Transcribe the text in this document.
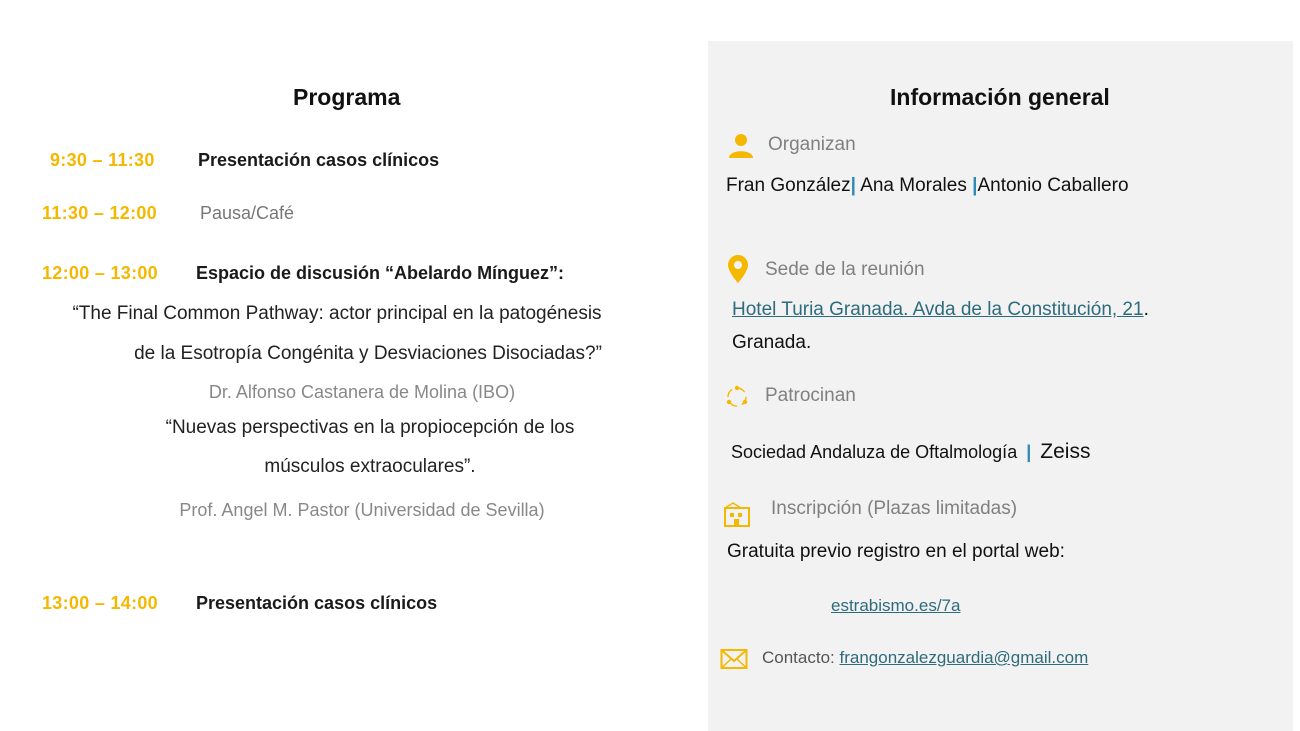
Programa
9:30 – 11:30 Presentación casos clínicos
11:30 – 12:00 Pausa/Café
12:00 – 13:00 Espacio de discusión “Abelardo Mínguez”:
“The Final Common Pathway: actor principal en la patogénesis
de la Esotropía Congénita y Desviaciones Disociadas?”
Dr. Alfonso Castanera de Molina (IBO)
“Nuevas perspectivas en la propiocepción de los
músculos extraoculares”.
Prof. Angel M. Pastor (Universidad de Sevilla)
13:00 – 14:00 Presentación casos clínicos
Información general
Organizan
Fran González| Ana Morales |Antonio Caballero
Sede de la reunión
Hotel Turia Granada. Avda de la Constitución, 21.
Granada.
Patrocinan
Sociedad Andaluza de Oftalmología | Zeiss
Inscripción (Plazas limitadas)
Gratuita previo registro en el portal web:
estrabismo.es/7a
Contacto: frangonzalezguardia@gmail.com
